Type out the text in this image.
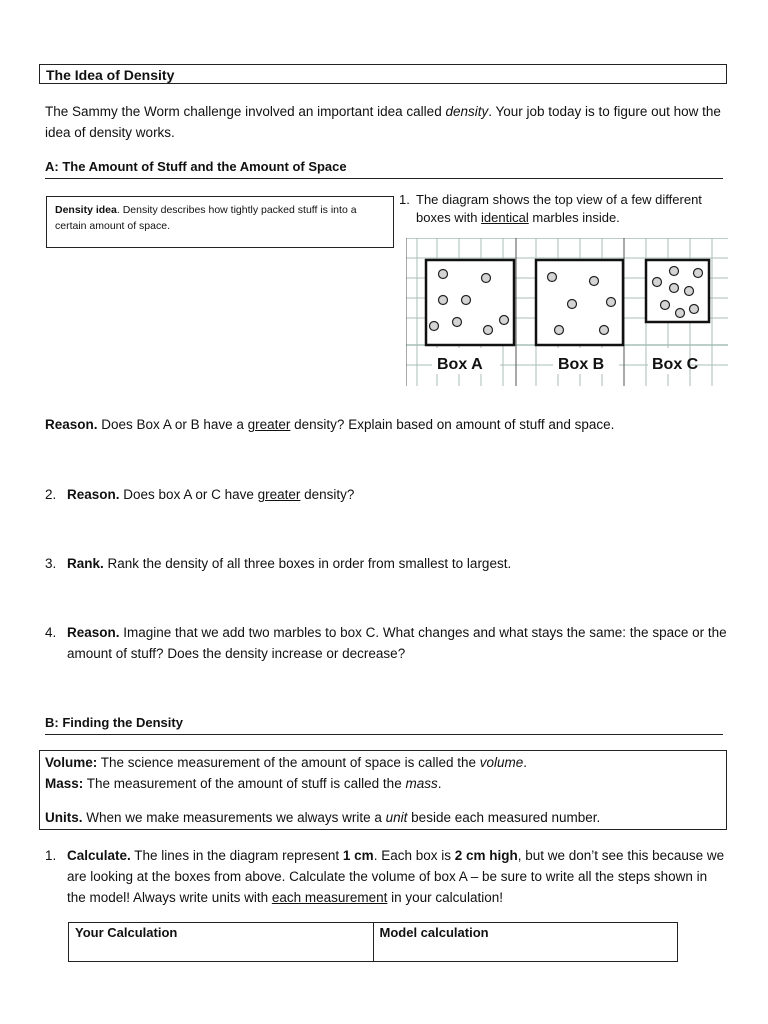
The Idea of Density
The Sammy the Worm challenge involved an important idea called density. Your job today is to figure out how the idea of density works.
A: The Amount of Stuff and the Amount of Space
Density idea. Density describes how tightly packed stuff is into a certain amount of space.
1. The diagram shows the top view of a few different boxes with identical marbles inside.
Box A	Box B	Box C
Reason. Does Box A or B have a greater density? Explain based on amount of stuff and space.
2. Reason. Does box A or C have greater density?
3. Rank. Rank the density of all three boxes in order from smallest to largest.
4. Reason. Imagine that we add two marbles to box C. What changes and what stays the same: the space or the amount of stuff? Does the density increase or decrease?
B: Finding the Density
Volume: The science measurement of the amount of space is called the volume.
Mass: The measurement of the amount of stuff is called the mass.
Units. When we make measurements we always write a unit beside each measured number.
1. Calculate. The lines in the diagram represent 1 cm. Each box is 2 cm high, but we don’t see this because we are looking at the boxes from above. Calculate the volume of box A – be sure to write all the steps shown in the model! Always write units with each measurement in your calculation!
Your Calculation	Model calculation
